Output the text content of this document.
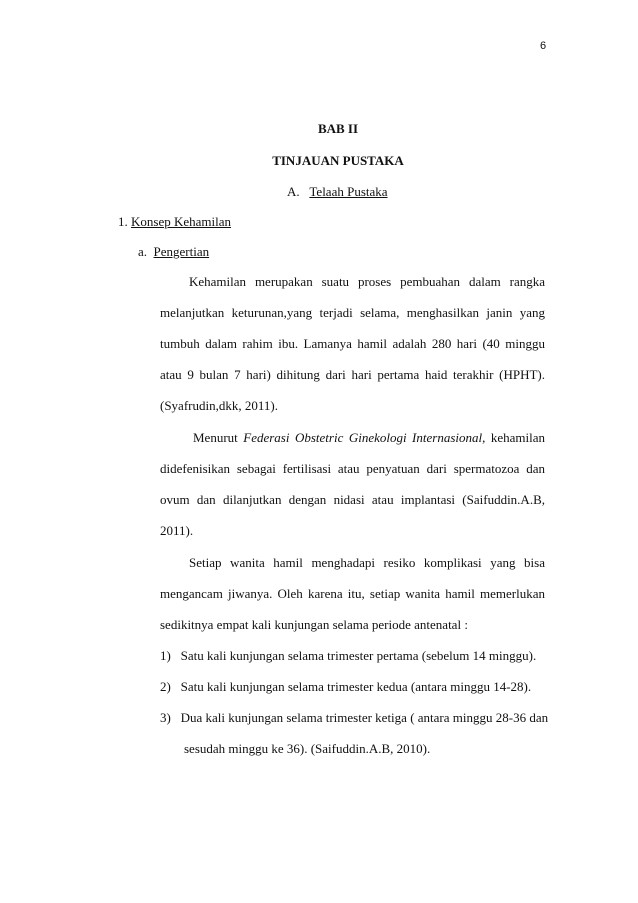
6
BAB II
TINJAUAN PUSTAKA
A. Telaah Pustaka
1. Konsep Kehamilan
a. Pengertian
Kehamilan merupakan suatu proses pembuahan dalam rangka
melanjutkan keturunan,yang terjadi selama, menghasilkan janin yang
tumbuh dalam rahim ibu. Lamanya hamil adalah 280 hari (40 minggu
atau 9 bulan 7 hari) dihitung dari hari pertama haid terakhir (HPHT).
(Syafrudin,dkk, 2011).
Menurut Federasi Obstetric Ginekologi Internasional, kehamilan
didefenisikan sebagai fertilisasi atau penyatuan dari spermatozoa dan
ovum dan dilanjutkan dengan nidasi atau implantasi (Saifuddin.A.B,
2011).
Setiap wanita hamil menghadapi resiko komplikasi yang bisa
mengancam jiwanya. Oleh karena itu, setiap wanita hamil memerlukan
sedikitnya empat kali kunjungan selama periode antenatal :
1) Satu kali kunjungan selama trimester pertama (sebelum 14 minggu).
2) Satu kali kunjungan selama trimester kedua (antara minggu 14-28).
3) Dua kali kunjungan selama trimester ketiga ( antara minggu 28-36 dan
sesudah minggu ke 36). (Saifuddin.A.B, 2010).
